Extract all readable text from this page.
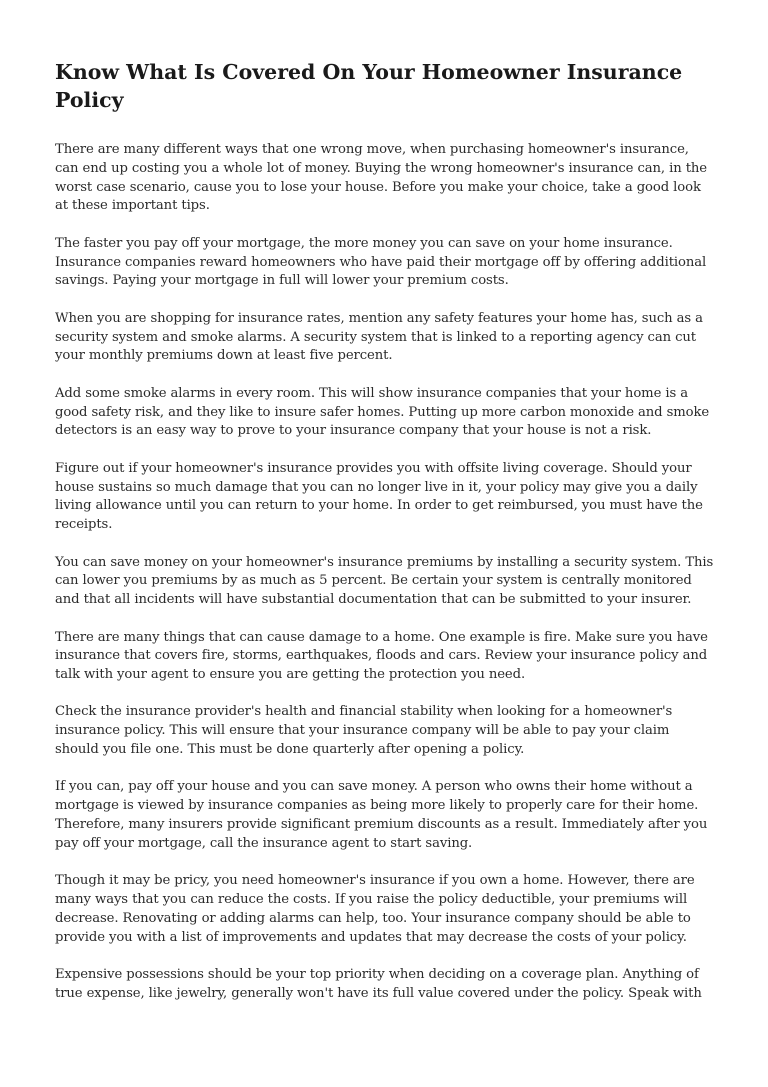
Know What Is Covered On Your Homeowner Insurance Policy

There are many different ways that one wrong move, when purchasing homeowner's insurance, can end up costing you a whole lot of money. Buying the wrong homeowner's insurance can, in the worst case scenario, cause you to lose your house. Before you make your choice, take a good look at these important tips.

The faster you pay off your mortgage, the more money you can save on your home insurance. Insurance companies reward homeowners who have paid their mortgage off by offering additional savings. Paying your mortgage in full will lower your premium costs.

When you are shopping for insurance rates, mention any safety features your home has, such as a security system and smoke alarms. A security system that is linked to a reporting agency can cut your monthly premiums down at least five percent.

Add some smoke alarms in every room. This will show insurance companies that your home is a good safety risk, and they like to insure safer homes. Putting up more carbon monoxide and smoke detectors is an easy way to prove to your insurance company that your house is not a risk.

Figure out if your homeowner's insurance provides you with offsite living coverage. Should your house sustains so much damage that you can no longer live in it, your policy may give you a daily living allowance until you can return to your home. In order to get reimbursed, you must have the receipts.

You can save money on your homeowner's insurance premiums by installing a security system. This can lower you premiums by as much as 5 percent. Be certain your system is centrally monitored and that all incidents will have substantial documentation that can be submitted to your insurer.

There are many things that can cause damage to a home. One example is fire. Make sure you have insurance that covers fire, storms, earthquakes, floods and cars. Review your insurance policy and talk with your agent to ensure you are getting the protection you need.

Check the insurance provider's health and financial stability when looking for a homeowner's insurance policy. This will ensure that your insurance company will be able to pay your claim should you file one. This must be done quarterly after opening a policy.

If you can, pay off your house and you can save money. A person who owns their home without a mortgage is viewed by insurance companies as being more likely to properly care for their home. Therefore, many insurers provide significant premium discounts as a result. Immediately after you pay off your mortgage, call the insurance agent to start saving.

Though it may be pricy, you need homeowner's insurance if you own a home. However, there are many ways that you can reduce the costs. If you raise the policy deductible, your premiums will decrease. Renovating or adding alarms can help, too. Your insurance company should be able to provide you with a list of improvements and updates that may decrease the costs of your policy.

Expensive possessions should be your top priority when deciding on a coverage plan. Anything of true expense, like jewelry, generally won't have its full value covered under the policy. Speak with
